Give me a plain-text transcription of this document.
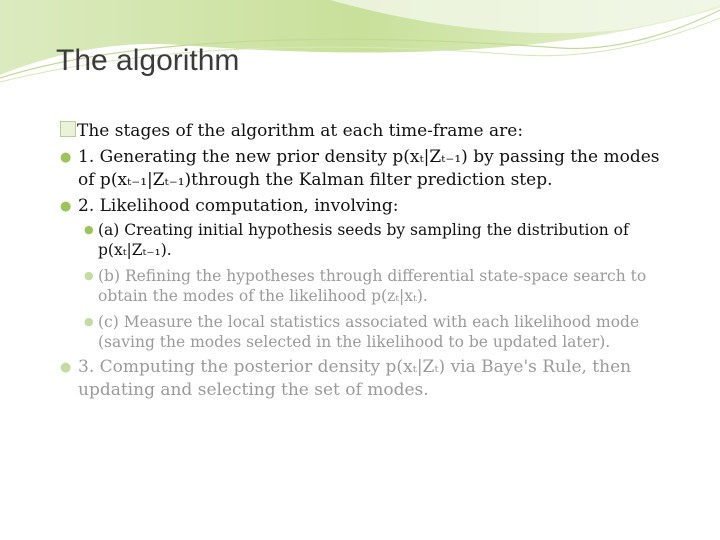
The algorithm
The stages of the algorithm at each time-frame are:
● 1. Generating the new prior density p(xₜ|Zₜ₋₁) by passing the modes of p(xₜ₋₁|Zₜ₋₁)through the Kalman filter prediction step.
● 2. Likelihood computation, involving:
● (a) Creating initial hypothesis seeds by sampling the distribution of p(xₜ|Zₜ₋₁).
● (b) Refining the hypotheses through differential state-space search to obtain the modes of the likelihood p(zₜ|xₜ).
● (c) Measure the local statistics associated with each likelihood mode (saving the modes selected in the likelihood to be updated later).
● 3. Computing the posterior density p(xₜ|Zₜ) via Baye's Rule, then updating and selecting the set of modes.
